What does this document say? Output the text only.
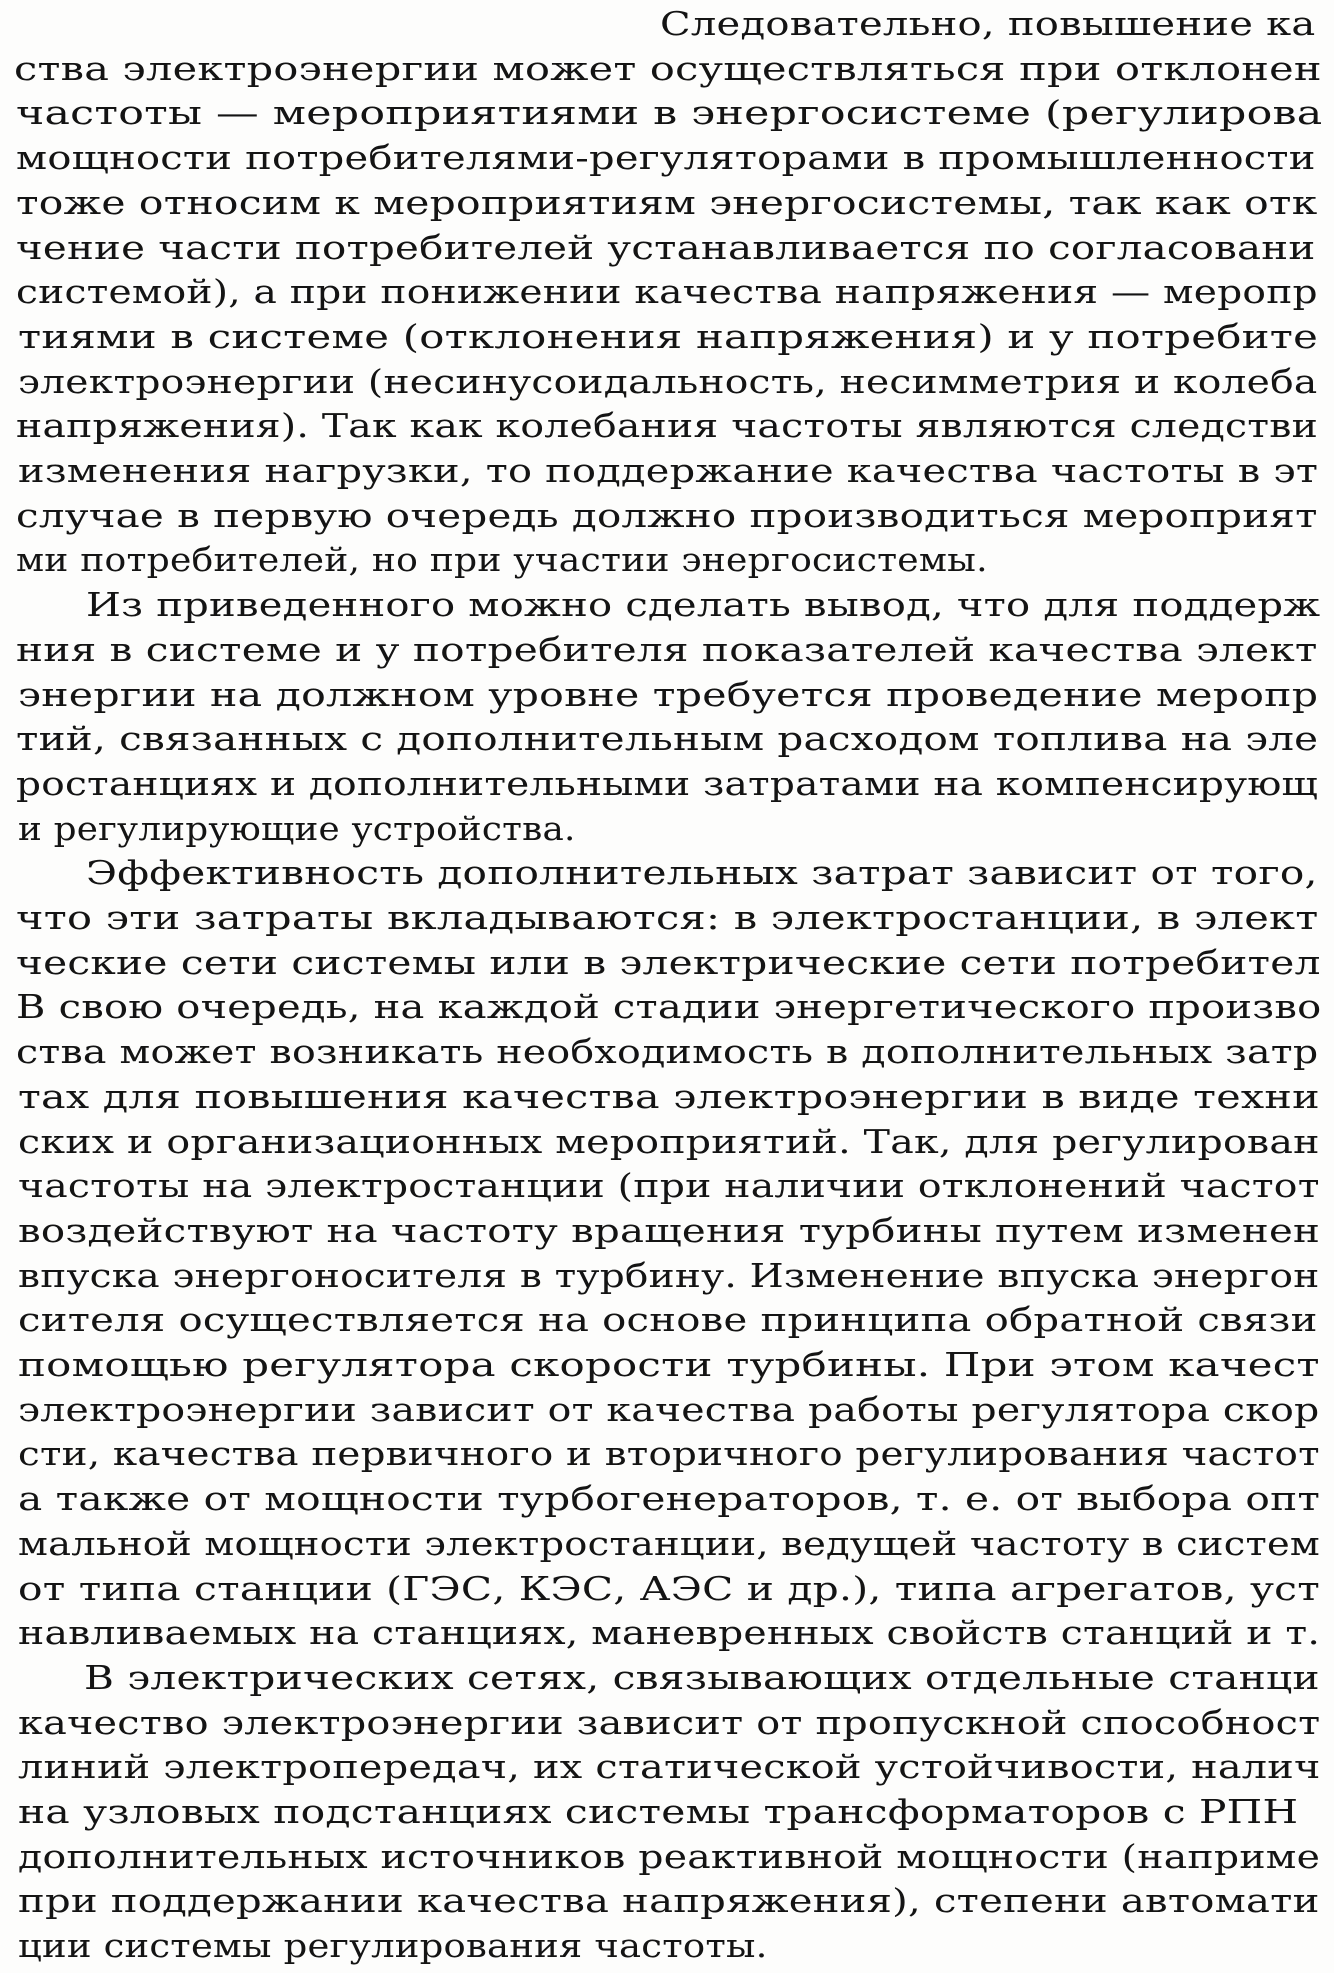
Следовательно, повышение ка
ства электроэнергии может осуществляться при отклонен
частоты — мероприятиями в энергосистеме (регулирова
мощности потребителями-регуляторами в промышленности
тоже относим к мероприятиям энергосистемы, так как отк
чение части потребителей устанавливается по согласовани
системой), а при понижении качества напряжения — меропр
тиями в системе (отклонения напряжения) и у потребите
электроэнергии (несинусоидальность, несимметрия и колеба
напряжения). Так как колебания частоты являются следстви
изменения нагрузки, то поддержание качества частоты в эт
случае в первую очередь должно производиться мероприят
ми потребителей, но при участии энергосистемы.
Из приведенного можно сделать вывод, что для поддерж
ния в системе и у потребителя показателей качества элект
энергии на должном уровне требуется проведение меропр
тий, связанных с дополнительным расходом топлива на эле
ростанциях и дополнительными затратами на компенсирующ
и регулирующие устройства.
Эффективность дополнительных затрат зависит от того,
что эти затраты вкладываются: в электростанции, в элект
ческие сети системы или в электрические сети потребител
В свою очередь, на каждой стадии энергетического произво
ства может возникать необходимость в дополнительных затр
тах для повышения качества электроэнергии в виде техни
ских и организационных мероприятий. Так, для регулирован
частоты на электростанции (при наличии отклонений частот
воздействуют на частоту вращения турбины путем изменен
впуска энергоносителя в турбину. Изменение впуска энергон
сителя осуществляется на основе принципа обратной связи
помощью регулятора скорости турбины. При этом качест
электроэнергии зависит от качества работы регулятора скор
сти, качества первичного и вторичного регулирования частот
а также от мощности турбогенераторов, т. е. от выбора опт
мальной мощности электростанции, ведущей частоту в систем
от типа станции (ГЭС, КЭС, АЭС и др.), типа агрегатов, уст
навливаемых на станциях, маневренных свойств станций и т.
В электрических сетях, связывающих отдельные станци
качество электроэнергии зависит от пропускной способност
линий электропередач, их статической устойчивости, налич
на узловых подстанциях системы трансформаторов с РПН
дополнительных источников реактивной мощности (наприме
при поддержании качества напряжения), степени автомати
ции системы регулирования частоты.
